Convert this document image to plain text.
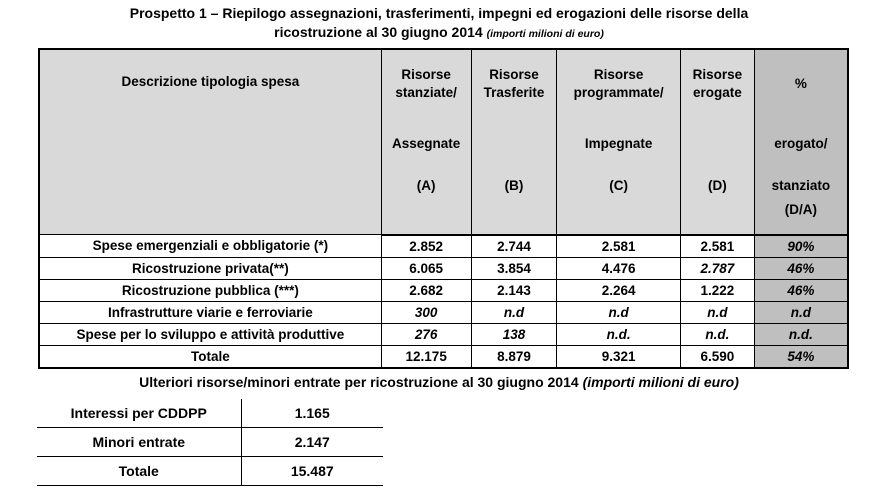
Prospetto 1 – Riepilogo assegnazioni, trasferimenti, impegni ed erogazioni delle risorse della
ricostruzione al 30 giugno 2014 (importi milioni di euro)
Descrizione tipologia spesa	Risorse stanziate/	Risorse Trasferite	Risorse programmate/	Risorse erogate	%
	Assegnate		Impegnate		erogato/
	(A)	(B)	(C)	(D)	stanziato
					(D/A)
Spese emergenziali e obbligatorie (*)	2.852	2.744	2.581	2.581	90%
Ricostruzione privata(**)	6.065	3.854	4.476	2.787	46%
Ricostruzione pubblica (***)	2.682	2.143	2.264	1.222	46%
Infrastrutture viarie e ferroviarie	300	n.d	n.d	n.d	n.d
Spese per lo sviluppo e attività produttive	276	138	n.d.	n.d.	n.d.
Totale	12.175	8.879	9.321	6.590	54%
Ulteriori risorse/minori entrate per ricostruzione al 30 giugno 2014 (importi milioni di euro)
Interessi per CDDPP	1.165
Minori entrate	2.147
Totale	15.487
